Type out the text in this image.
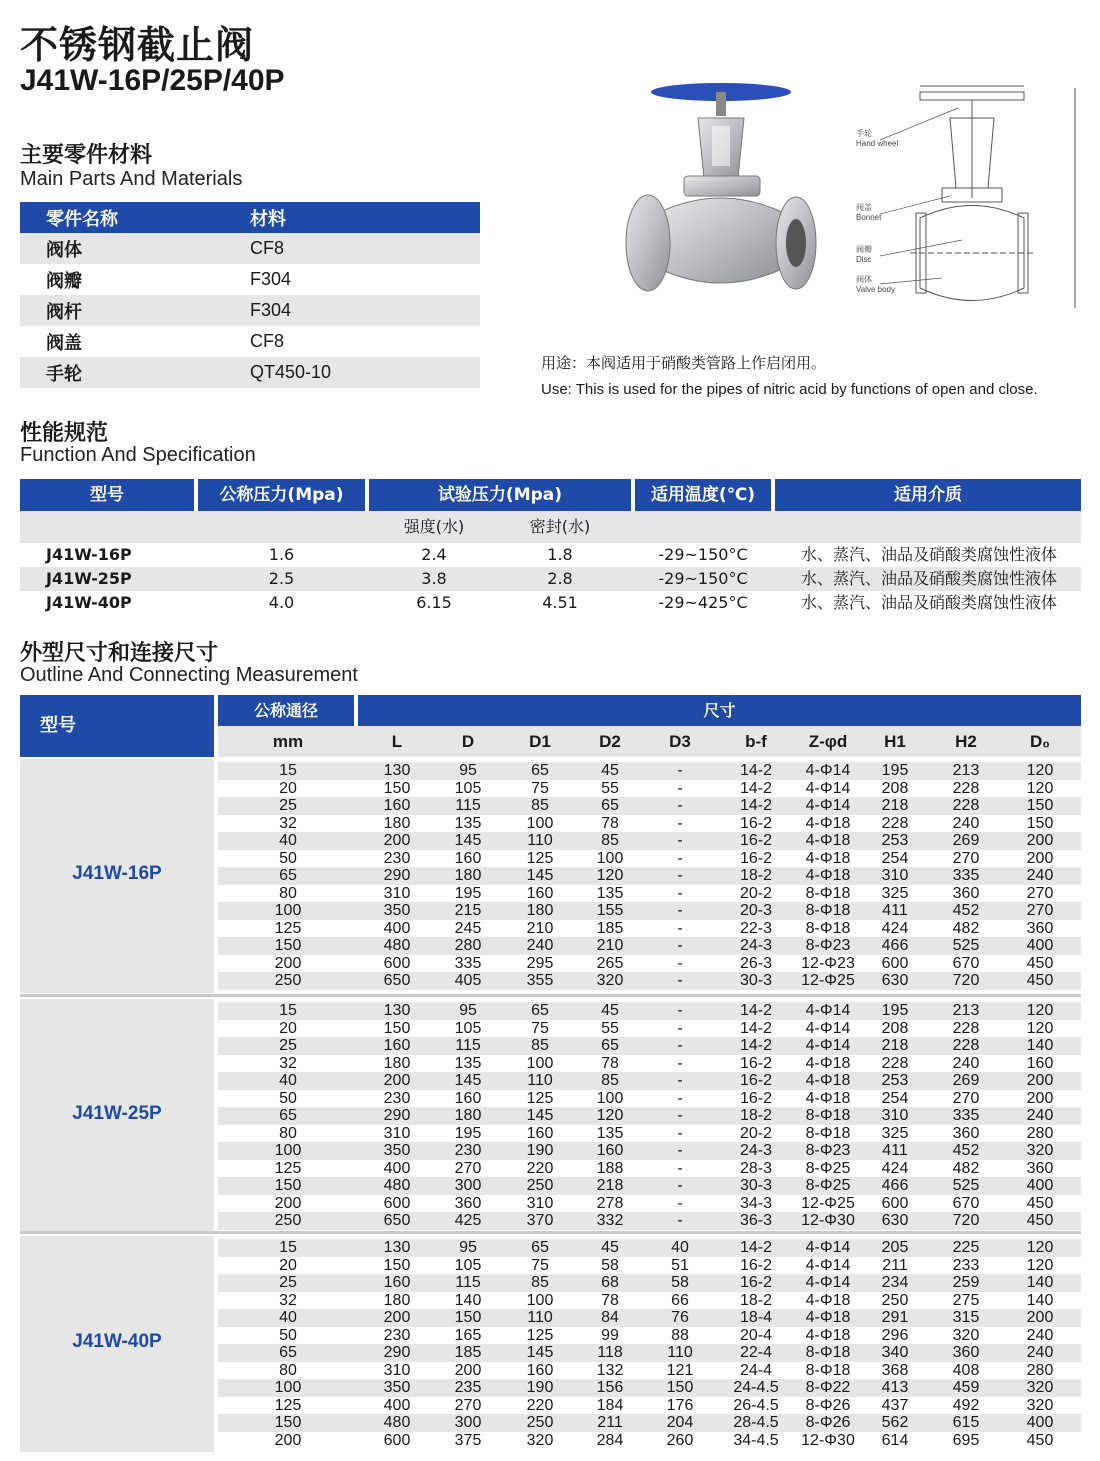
不锈钢截止阀
J41W-16P/25P/40P
主要零件材料
Main Parts And Materials
零件名称	材料
阀体	CF8
阀瓣	F304
阀杆	F304
阀盖	CF8
手轮	QT450-10
手轮
Hand wheel
阀盖
Bonnet
阀瓣
Disc
阀体
Valve body
用途：本阀适用于硝酸类管路上作启闭用。
Use: This is used for the pipes of nitric acid by functions of open and close.
性能规范
Function And Specification
型号	公称压力(Mpa)	试验压力(Mpa)	适用温度(℃)	适用介质
强度(水)	密封(水)
J41W-16P	1.6	2.4	1.8	-29~150°C	水、蒸汽、油品及硝酸类腐蚀性液体
J41W-25P	2.5	3.8	2.8	-29~150°C	水、蒸汽、油品及硝酸类腐蚀性液体
J41W-40P	4.0	6.15	4.51	-29~425°C	水、蒸汽、油品及硝酸类腐蚀性液体
外型尺寸和连接尺寸
Outline And Connecting Measurement
型号
公称通径	尺寸
mm	L	D	D1	D2	D3	b-f	Z-φd	H1	H2	D₀
J41W-16P
15	130	95	65	45	-	14-2	4-Φ14	195	213	120
20	150	105	75	55	-	14-2	4-Φ14	208	228	120
25	160	115	85	65	-	14-2	4-Φ14	218	228	150
32	180	135	100	78	-	16-2	4-Φ18	228	240	150
40	200	145	110	85	-	16-2	4-Φ18	253	269	200
50	230	160	125	100	-	16-2	4-Φ18	254	270	200
65	290	180	145	120	-	18-2	4-Φ18	310	335	240
80	310	195	160	135	-	20-2	8-Φ18	325	360	270
100	350	215	180	155	-	20-3	8-Φ18	411	452	270
125	400	245	210	185	-	22-3	8-Φ18	424	482	360
150	480	280	240	210	-	24-3	8-Φ23	466	525	400
200	600	335	295	265	-	26-3	12-Φ23	600	670	450
250	650	405	355	320	-	30-3	12-Φ25	630	720	450
J41W-25P
15	130	95	65	45	-	14-2	4-Φ14	195	213	120
20	150	105	75	55	-	14-2	4-Φ14	208	228	120
25	160	115	85	65	-	14-2	4-Φ14	218	228	140
32	180	135	100	78	-	16-2	4-Φ18	228	240	160
40	200	145	110	85	-	16-2	4-Φ18	253	269	200
50	230	160	125	100	-	16-2	4-Φ18	254	270	200
65	290	180	145	120	-	18-2	8-Φ18	310	335	240
80	310	195	160	135	-	20-2	8-Φ18	325	360	280
100	350	230	190	160	-	24-3	8-Φ23	411	452	320
125	400	270	220	188	-	28-3	8-Φ25	424	482	360
150	480	300	250	218	-	30-3	8-Φ25	466	525	400
200	600	360	310	278	-	34-3	12-Φ25	600	670	450
250	650	425	370	332	-	36-3	12-Φ30	630	720	450
J41W-40P
15	130	95	65	45	40	14-2	4-Φ14	205	225	120
20	150	105	75	58	51	16-2	4-Φ14	211	233	120
25	160	115	85	68	58	16-2	4-Φ14	234	259	140
32	180	140	100	78	66	18-2	4-Φ18	250	275	140
40	200	150	110	84	76	18-4	4-Φ18	291	315	200
50	230	165	125	99	88	20-4	4-Φ18	296	320	240
65	290	185	145	118	110	22-4	8-Φ18	340	360	240
80	310	200	160	132	121	24-4	8-Φ18	368	408	280
100	350	235	190	156	150	24-4.5	8-Φ22	413	459	320
125	400	270	220	184	176	26-4.5	8-Φ26	437	492	320
150	480	300	250	211	204	28-4.5	8-Φ26	562	615	400
200	600	375	320	284	260	34-4.5	12-Φ30	614	695	450
